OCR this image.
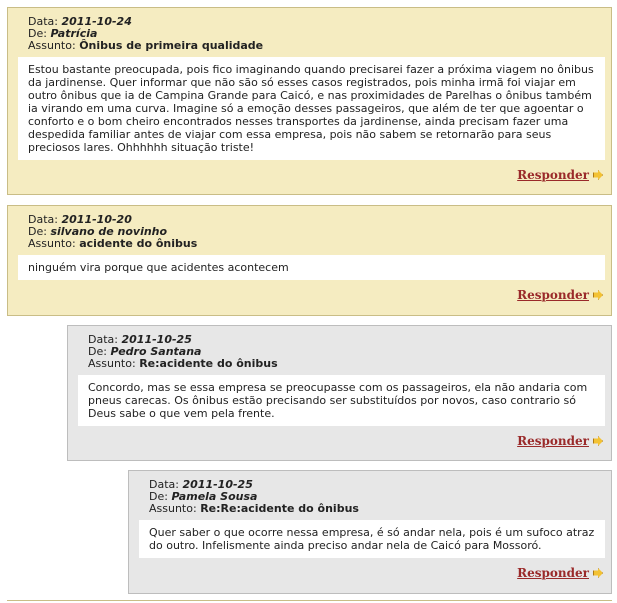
Data: 2011-10-24
De: Patrícia
Assunto: Ônibus de primeira qualidade
Estou bastante preocupada, pois fico imaginando quando precisarei fazer a próxima viagem no ônibus da jardinense. Quer informar que não são só esses casos registrados, pois minha irmã foi viajar em outro ônibus que ia de Campina Grande para Caicó, e nas proximidades de Parelhas o ônibus também ia virando em uma curva. Imagine só a emoção desses passageiros, que além de ter que agoentar o conforto e o bom cheiro encontrados nesses transportes da jardinense, ainda precisam fazer uma despedida familiar antes de viajar com essa empresa, pois não sabem se retornarão para seus preciosos lares. Ohhhhhh situação triste!
Responder
Data: 2011-10-20
De: silvano de novinho
Assunto: acidente do ônibus
ninguém vira porque que acidentes acontecem
Responder
Data: 2011-10-25
De: Pedro Santana
Assunto: Re:acidente do ônibus
Concordo, mas se essa empresa se preocupasse com os passageiros, ela não andaria com pneus carecas. Os ônibus estão precisando ser substituídos por novos, caso contrario só Deus sabe o que vem pela frente.
Responder
Data: 2011-10-25
De: Pamela Sousa
Assunto: Re:Re:acidente do ônibus
Quer saber o que ocorre nessa empresa, é só andar nela, pois é um sufoco atraz do outro. Infelismente ainda preciso andar nela de Caicó para Mossoró.
Responder
